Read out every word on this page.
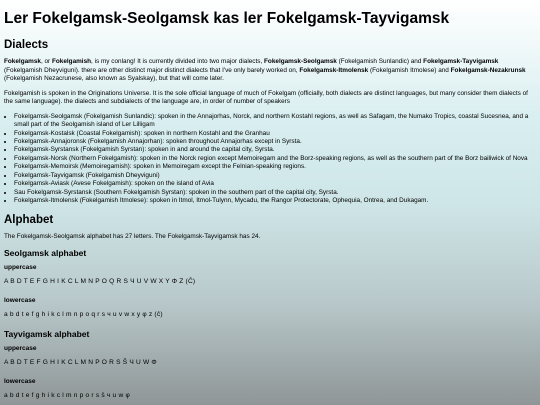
Ler Fokelgamsk-Seolgamsk kas ler Fokelgamsk-Tayvigamsk
Dialects

Fokelgamsk, or Fokelgamish, is my conlang! It is currently divided into two major dialects, Fokelgamsk-Seolgamsk (Fokelgamish Sunlandic) and Fokelgamsk-Tayvigamsk (Fokelgamish Dheyviguni). there are other distinct major distinct dialects that I've only barely worked on, Fokelgamsk-Itmolensk (Fokelgamish Itmolese) and Fokelgamsk-Nezakrunsk (Fokelgamish Nezacrunese, also known as Syalskay), but that will come later.

Fokelgamish is spoken in the Originations Universe. It is the sole official language of much of Fokelgam (officially, both dialects are distinct languages, but many consider them dialects of the same language). the dialects and subdialects of the language are, in order of number of speakers

• Fokelgamsk-Seolgamsk (Fokelgamish Sunlandic): spoken in the Annajorhas, Norck, and northern Kostahl regions, as well as Safagam, the Numako Tropics, coastal Sucesnea, and a small part of the Seolgamish island of Ler Lilligam
• Fokelgamsk-Kostalsk (Coastal Fokelgamish): spoken in northern Kostahl and the Granhau
• Fokelgamsk-Annajoronsk (Fokelgamish Annajorhan): spoken throughout Annajorhas except in Syrsta.
• Fokelgamsk-Syrstansk (Fokelgamish Syrstan): spoken in and around the capital city, Syrsta.
• Fokelgamsk-Norsk (Northern Fokelgamish): spoken in the Norck region except Memoiregam and the Borz-speaking regions, as well as the southern part of the Borz bailiwick of Nova
• Fokelgamsk-Memoirsk (Memoiregamish): spoken in Memoiregam except the Felnian-speaking regions.
• Fokelgamsk-Tayvigamsk (Fokelgamish Dheyviguni)
• Fokelgamsk-Aviask (Avese Fokelgamish): spoken on the island of Avia
• Sau Fokelgamsk-Syrstansk (Southern Fokelgamish Syrstan): spoken in the southern part of the capital city, Syrsta.
• Fokelgamsk-Itmolensk (Fokelgamish Itmolese): spoken in Itmol, Itmol-Tulynn, Mycadu, the Rangor Protectorate, Ophequia, Ontrea, and Dukagam.
Alphabet

The Fokelgamsk-Seolgamsk alphabet has 27 letters. The Fokelgamsk-Tayvigamsk has 24.

Seolgamsk alphabet
uppercase

A B D T E F G H I K C L M N P O Q R S Ч U V W X Y Φ Z (Ĉ)

lowercase

a b d t e f g h i k c l m n p o q r s ч u v w x y φ z (ĉ)

Tayvigamsk alphabet
uppercase

A B D T E F G H I K C L M N P O R S Š Ч U W Φ

lowercase

a b d t e f g h i k c l m n p o r s š ч u w φ
